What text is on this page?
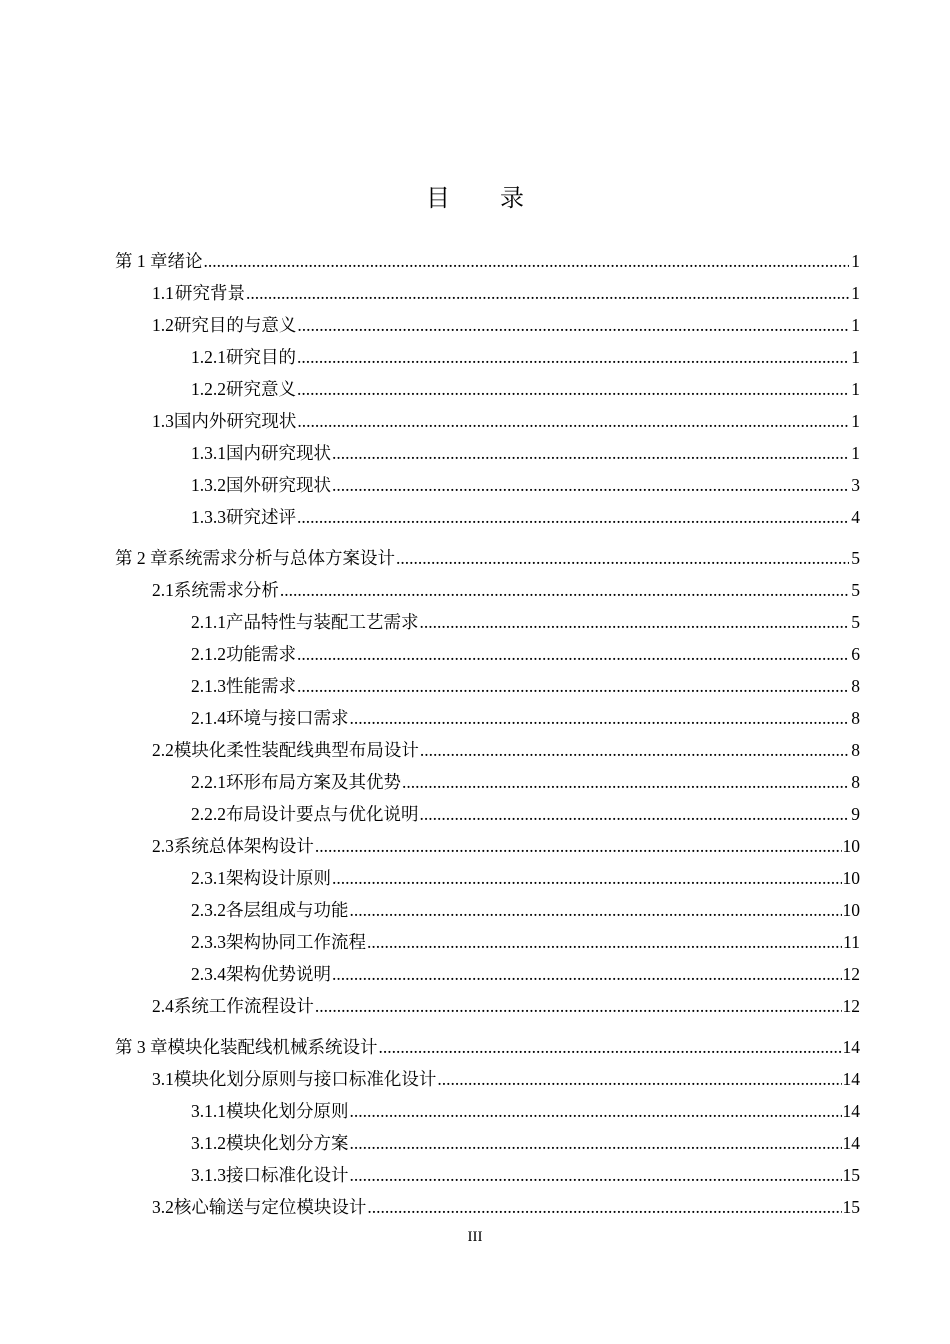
目 录
第 1 章 绪论 .....	1
1.1 研究背景 .....	1
1.2 研究目的与意义 .....	1
1.2.1 研究目的 .....	1
1.2.2 研究意义 .....	1
1.3 国内外研究现状 .....	1
1.3.1 国内研究现状 .....	1
1.3.2 国外研究现状 .....	3
1.3.3 研究述评 .....	4
第 2 章 系统需求分析与总体方案设计 .....	5
2.1 系统需求分析 .....	5
2.1.1 产品特性与装配工艺需求 .....	5
2.1.2 功能需求 .....	6
2.1.3 性能需求 .....	8
2.1.4 环境与接口需求 .....	8
2.2 模块化柔性装配线典型布局设计 .....	8
2.2.1 环形布局方案及其优势 .....	8
2.2.2 布局设计要点与优化说明 .....	9
2.3 系统总体架构设计 .....	10
2.3.1 架构设计原则 .....	10
2.3.2 各层组成与功能 .....	10
2.3.3 架构协同工作流程 .....	11
2.3.4 架构优势说明 .....	12
2.4 系统工作流程设计 .....	12
第 3 章 模块化装配线机械系统设计 .....	14
3.1 模块化划分原则与接口标准化设计 .....	14
3.1.1 模块化划分原则 .....	14
3.1.2 模块化划分方案 .....	14
3.1.3 接口标准化设计 .....	15
3.2 核心输送与定位模块设计 .....	15
III
